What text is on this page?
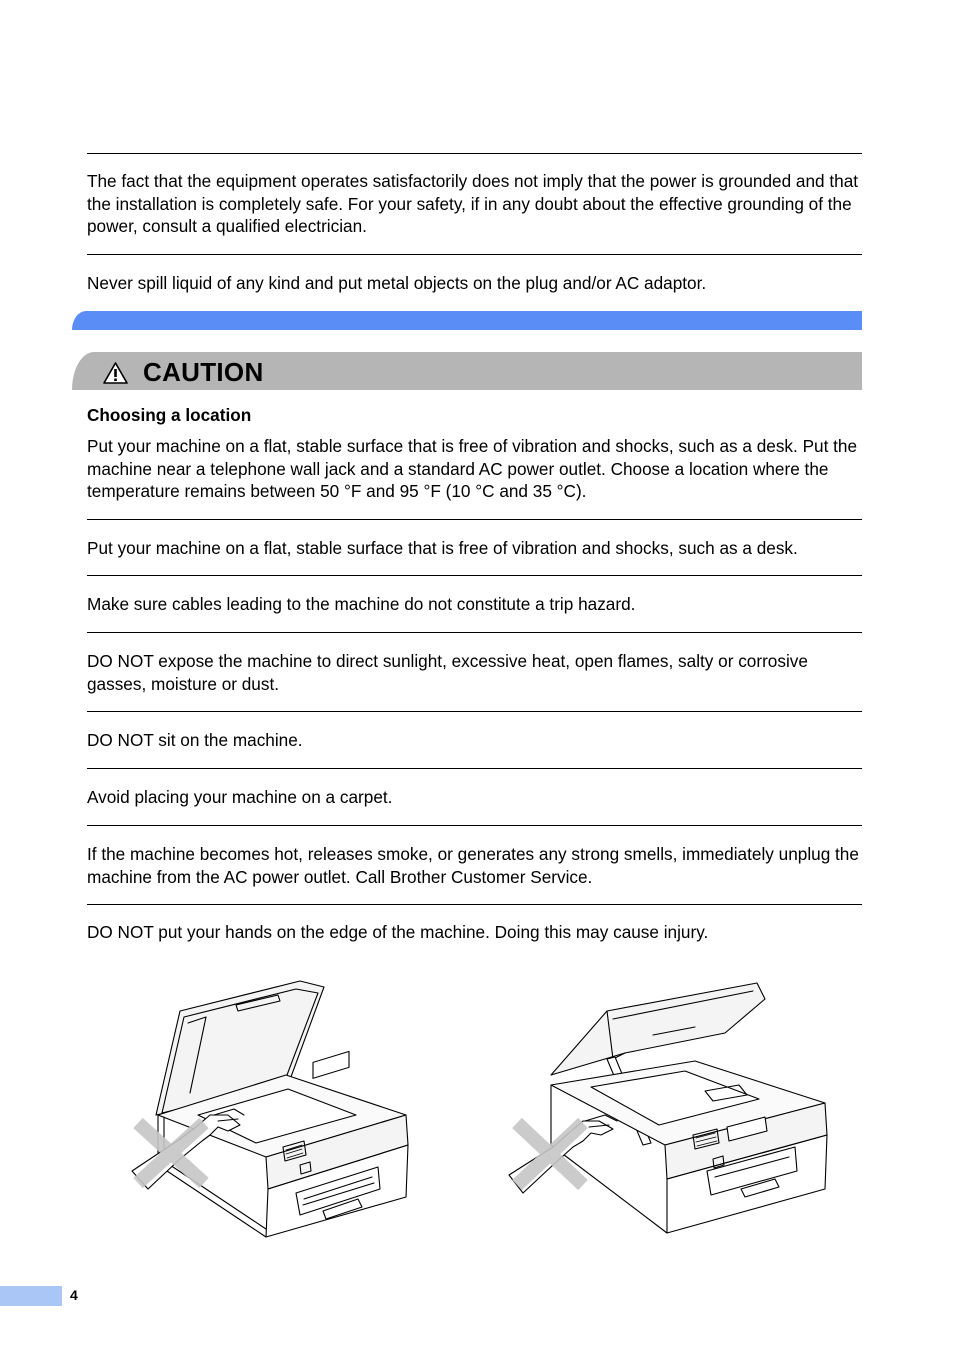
The fact that the equipment operates satisfactorily does not imply that the power is grounded and that the installation is completely safe. For your safety, if in any doubt about the effective grounding of the power, consult a qualified electrician.

Never spill liquid of any kind and put metal objects on the plug and/or AC adaptor.

CAUTION
Choosing a location

Put your machine on a flat, stable surface that is free of vibration and shocks, such as a desk. Put the machine near a telephone wall jack and a standard AC power outlet. Choose a location where the temperature remains between 50 °F and 95 °F (10 °C and 35 °C).

Put your machine on a flat, stable surface that is free of vibration and shocks, such as a desk.

Make sure cables leading to the machine do not constitute a trip hazard.

DO NOT expose the machine to direct sunlight, excessive heat, open flames, salty or corrosive gasses, moisture or dust.

DO NOT sit on the machine.

Avoid placing your machine on a carpet.

If the machine becomes hot, releases smoke, or generates any strong smells, immediately unplug the machine from the AC power outlet. Call Brother Customer Service.

DO NOT put your hands on the edge of the machine. Doing this may cause injury.

4
